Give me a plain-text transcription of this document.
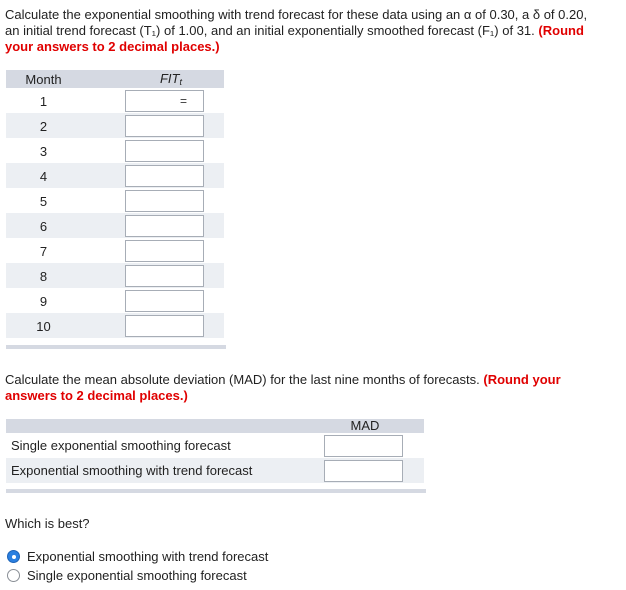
Calculate the exponential smoothing with trend forecast for these data using an α of 0.30, a δ of 0.20,
an initial trend forecast (T₁) of 1.00, and an initial exponentially smoothed forecast (F₁) of 31. (Round
your answers to 2 decimal places.)
Month	$FIT_t$
1	=
2
3
4
5
6
7
8
9
10
Calculate the mean absolute deviation (MAD) for the last nine months of forecasts. (Round your
answers to 2 decimal places.)
MAD
Single exponential smoothing forecast
Exponential smoothing with trend forecast
Which is best?
Exponential smoothing with trend forecast
Single exponential smoothing forecast
